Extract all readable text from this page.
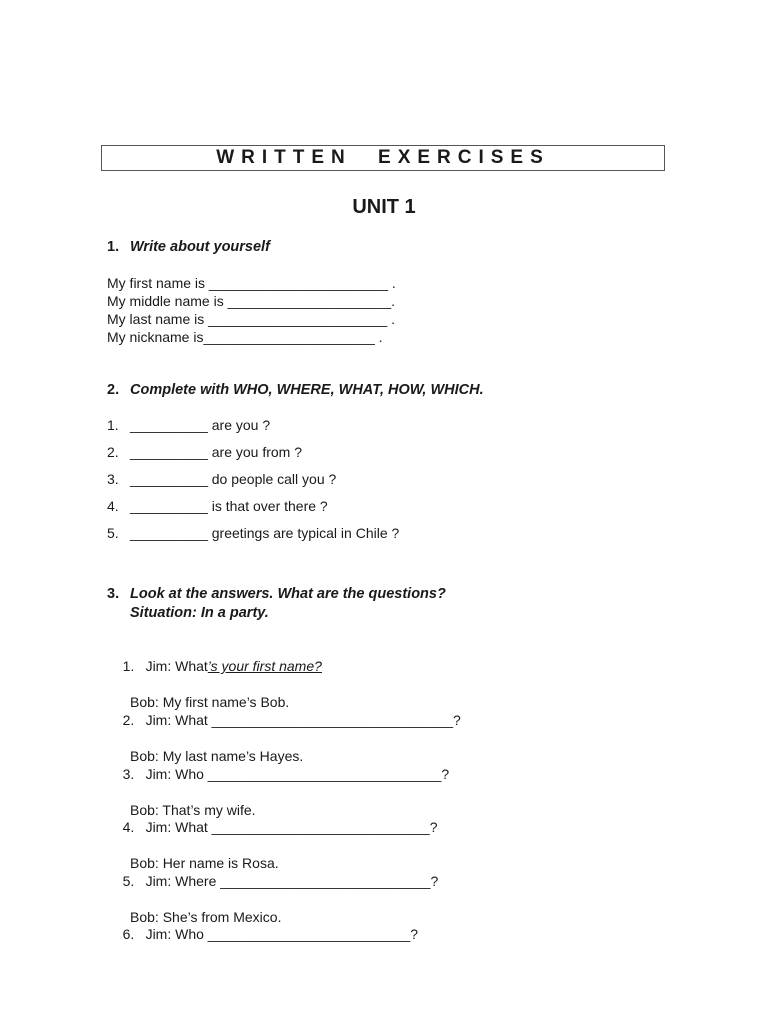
WRITTEN EXERCISES
UNIT 1
1. Write about yourself
My first name is _______________________ .
My middle name is _____________________.
My last name is _______________________ .
My nickname is______________________ .
2. Complete with WHO, WHERE, WHAT, HOW, WHICH.
1. __________ are you ?
2. __________ are you from ?
3. __________ do people call you ?
4. __________ is that over there ?
5. __________ greetings are typical in Chile ?
3. Look at the answers. What are the questions?
Situation: In a party.

1. Jim: What’s your first name?

Bob: My first name’s Bob.

2. Jim: What _______________________________?

Bob: My last name’s Hayes.

3. Jim: Who ______________________________?

Bob: That’s my wife.

4. Jim: What ____________________________?

Bob: Her name is Rosa.

5. Jim: Where ___________________________?

Bob: She’s from Mexico.

6. Jim: Who __________________________?
